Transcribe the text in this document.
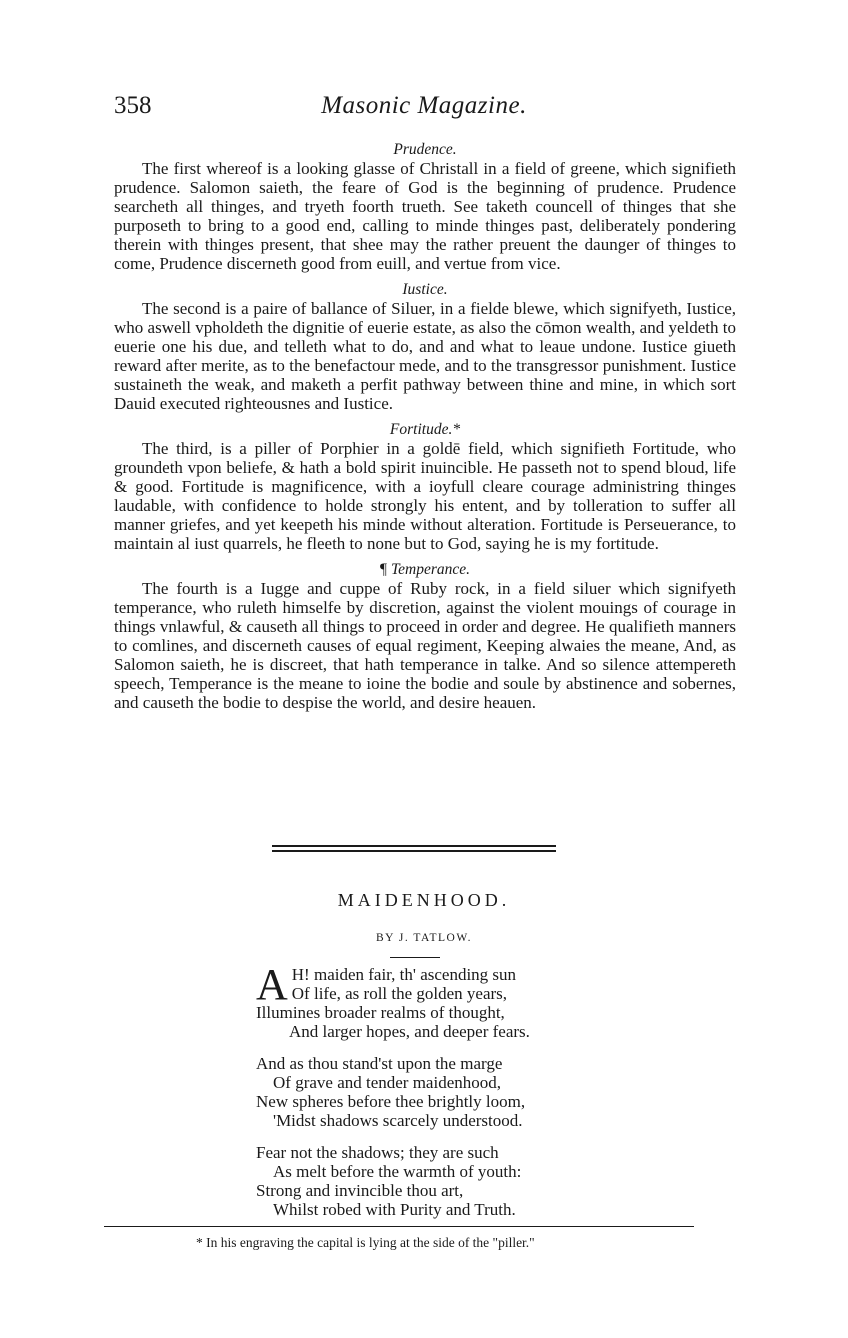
358	Masonic Magazine.

Prudence.

The first whereof is a looking glasse of Christall in a field of greene, which signifieth prudence. Salomon saieth, the feare of God is the beginning of prudence. Prudence searcheth all thinges, and tryeth foorth trueth. See taketh councell of thinges that she purposeth to bring to a good end, calling to minde thinges past, deliberately pondering therein with thinges present, that shee may the rather preuent the daunger of thinges to come, Prudence discerneth good from euill, and vertue from vice.

Iustice.

The second is a paire of ballance of Siluer, in a fielde blewe, which signifyeth, Iustice, who aswell vpholdeth the dignitie of euerie estate, as also the cōmon wealth, and yeldeth to euerie one his due, and telleth what to do, and and what to leaue undone. Iustice giueth reward after merite, as to the benefactour mede, and to the transgressor punishment. Iustice sustaineth the weak, and maketh a perfit pathway between thine and mine, in which sort Dauid executed righteousnes and Iustice.

Fortitude.*

The third, is a piller of Porphier in a goldē field, which signifieth Fortitude, who groundeth vpon beliefe, & hath a bold spirit inuincible. He passeth not to spend bloud, life & good. Fortitude is magnificence, with a ioyfull cleare courage administring thinges laudable, with confidence to holde strongly his entent, and by tolleration to suffer all manner griefes, and yet keepeth his minde without alteration. Fortitude is Perseuerance, to maintain al iust quarrels, he fleeth to none but to God, saying he is my fortitude.

¶ Temperance.

The fourth is a Iugge and cuppe of Ruby rock, in a field siluer which signifyeth temperance, who ruleth himselfe by discretion, against the violent mouings of courage in things vnlawful, & causeth all things to proceed in order and degree. He qualifieth manners to comlines, and discerneth causes of equal regiment, Keeping alwaies the meane, And, as Salomon saieth, he is discreet, that hath temperance in talke. And so silence attempereth speech, Temperance is the meane to ioine the bodie and soule by abstinence and sobernes, and causeth the bodie to despise the world, and desire heauen.

MAIDENHOOD.
BY J. TATLOW.
A H! maiden fair, th' ascending sun
Of life, as roll the golden years,
Illumines broader realms of thought,
And larger hopes, and deeper fears.
And as thou stand'st upon the marge
Of grave and tender maidenhood,
New spheres before thee brightly loom,
'Midst shadows scarcely understood.
Fear not the shadows; they are such
As melt before the warmth of youth:
Strong and invincible thou art,
Whilst robed with Purity and Truth.
* In his engraving the capital is lying at the side of the "piller."
